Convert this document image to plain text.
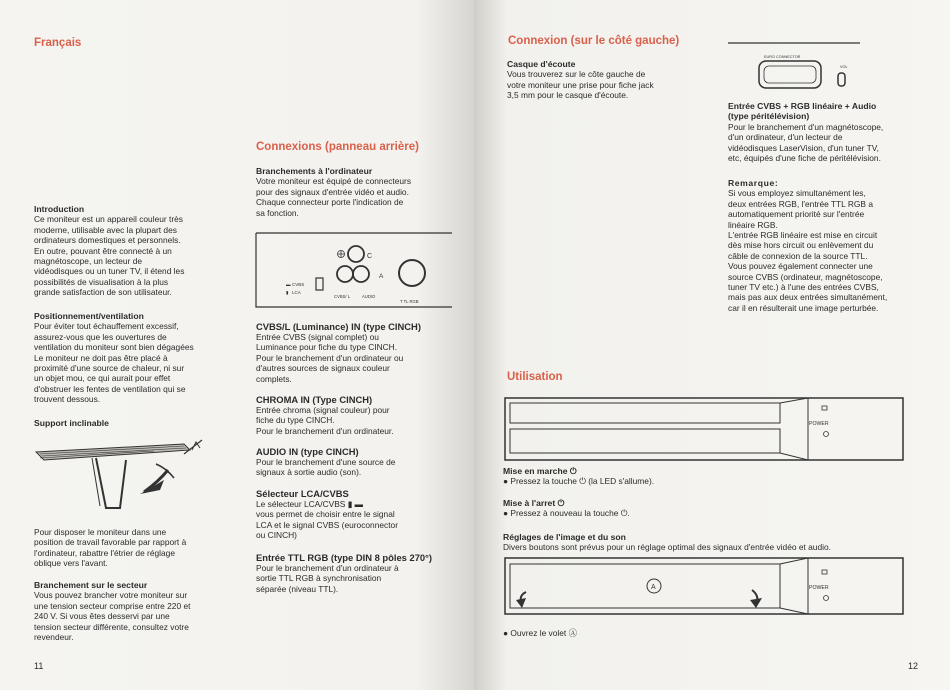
Français

Introduction

Ce moniteur est un appareil couleur très
moderne, utilisable avec la plupart des
ordinateurs domestiques et personnels.
En outre, pouvant être connecté à un
magnétoscope, un lecteur de
vidéodisques ou un tuner TV, il étend les
possibilités de visualisation à la plus
grande satisfaction de son utilisateur.

Positionnement/ventilation

Pour éviter tout échauffement excessif,
assurez-vous que les ouvertures de
ventilation du moniteur sont bien dégagées
Le moniteur ne doit pas être placé à
proximité d'une source de chaleur, ni sur
un objet mou, ce qui aurait pour effet
d'obstruer les fentes de ventilation qui se
trouvent dessous.

Support inclinable

Pour disposer le moniteur dans une
position de travail favorable par rapport à
l'ordinateur, rabattre l'étrier de réglage
oblique vers l'avant.

Branchement sur le secteur

Vous pouvez brancher votre moniteur sur
une tension secteur comprise entre 220 et
240 V. Si vous êtes desservi par une
tension secteur différente, consultez votre
revendeur.

11
Connexions (panneau arrière)

Branchements à l'ordinateur

Votre moniteur est équipé de connecteurs
pour des signaux d'entrée vidéo et audio.
Chaque connecteur porte l'indication de
sa fonction.

C
A
▬ CVBS
▮ LCA
CVBS/ L	AUDIO
T TL RGB

CVBS/L (Luminance) IN (type CINCH)

Entrée CVBS (signal complet) ou
Luminance pour fiche du type CINCH.
Pour le branchement d'un ordinateur ou
d'autres sources de signaux couleur
complets.

CHROMA IN (Type CINCH)

Entrée chroma (signal couleur) pour
fiche du type CINCH.
Pour le branchement d'un ordinateur.

AUDIO IN (type CINCH)

Pour le branchement d'une source de
signaux à sortie audio (son).

Sélecteur LCA/CVBS

Le sélecteur LCA/CVBS ▮ ▬
vous permet de choisir entre le signal
LCA et le signal CVBS (euroconnector
ou CINCH)

Entrée TTL RGB (type DIN 8 pôles 270°)

Pour le branchement d'un ordinateur à
sortie TTL RGB à synchronisation
séparée (niveau TTL).

Connexion (sur le côté gauche)

Casque d'écoute

Vous trouverez sur le côte gauche de
votre moniteur une prise pour fiche jack
3,5 mm pour le casque d'écoute.

EURO CONNECTOR
VOL

Entrée CVBS + RGB linéaire + Audio
(type péritélévision)

Pour le branchement d'un magnétoscope,
d'un ordinateur, d'un lecteur de
vidéodisques LaserVision, d'un tuner TV,
etc, équipés d'une fiche de péritélévision.

Remarque:

Si vous employez simultanément les,
deux entrées RGB, l'entrée TTL RGB a
automatiquement priorité sur l'entrée
linéaire RGB.
L'entrée RGB linéaire est mise en circuit
dès mise hors circuit ou enlèvement du
câble de connexion de la source TTL.
Vous pouvez également connecter une
source CVBS (ordinateur, magnétoscope,
tuner TV etc.) à l'une des entrées CVBS,
mais pas aux deux entrées simultanément,
car il en résulterait une image perturbée.

Utilisation
POWER

Mise en marche ⏻

● Pressez la touche ⏻ (la LED s'allume).

Mise à l'arret ⏻

● Pressez à nouveau la touche ⏻.

Réglages de l'image et du son

Divers boutons sont prévus pour un réglage optimal des signaux d'entrée vidéo et audio.

A	POWER

● Ouvrez le volet Ⓐ

12
